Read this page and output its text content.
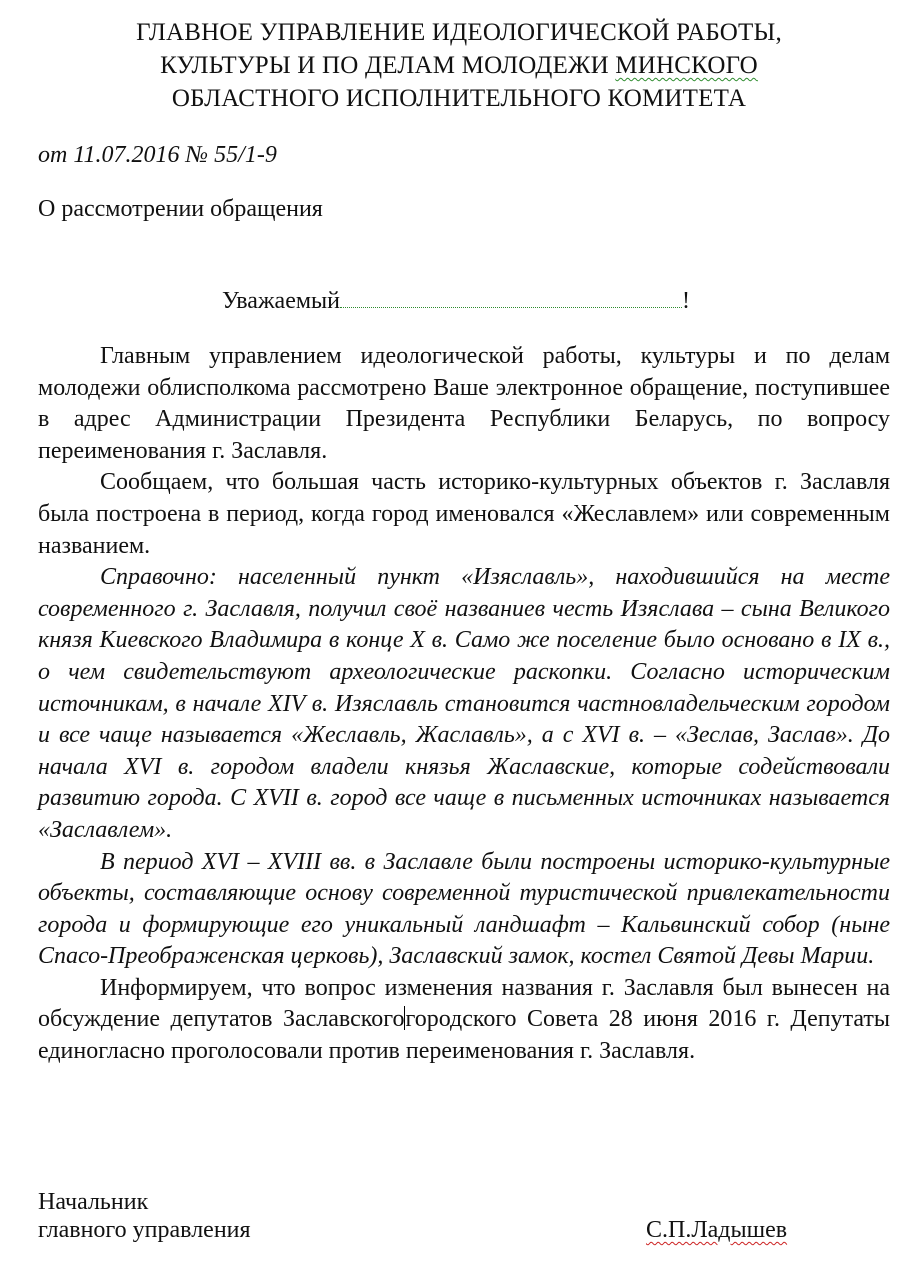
ГЛАВНОЕ УПРАВЛЕНИЕ ИДЕОЛОГИЧЕСКОЙ РАБОТЫ,
КУЛЬТУРЫ И ПО ДЕЛАМ МОЛОДЕЖИ МИНСКОГО
ОБЛАСТНОГО ИСПОЛНИТЕЛЬНОГО КОМИТЕТА
от 11.07.2016 № 55/1-9
О рассмотрении обращения
Уважаемый	!

Главным управлением идеологической работы, культуры и по делам молодежи облисполкома рассмотрено Ваше электронное обращение, поступившее в адрес Администрации Президента Республики Беларусь, по вопросу переименования г. Заславля.

Сообщаем, что большая часть историко-культурных объектов г. Заславля была построена в период, когда город именовался «Жеславлем» или современным названием.

Справочно: населенный пункт «Изяславль», находившийся на месте современного г. Заславля, получил своё названиев честь Изяслава – сына Великого князя Киевского Владимира в конце X в. Само же поселение было основано в IX в., о чем свидетельствуют археологические раскопки. Согласно историческим источникам, в начале XIV в. Изяславль становится частновладельческим городом и все чаще называется «Жеславль, Жаславль», а с XVI в. – «Зеслав, Заслав». До начала XVI в. городом владели князья Жаславские, которые содействовали развитию города. С XVII в. город все чаще в письменных источниках называется «Заславлем».

В период XVI – XVIII вв. в Заславле были построены историко-культурные объекты, составляющие основу современной туристической привлекательности города и формирующие его уникальный ландшафт – Кальвинский собор (ныне Спасо-Преображенская церковь), Заславский замок, костел Святой Девы Марии.

Информируем, что вопрос изменения названия г. Заславля был вынесен на обсуждение депутатов Заславскогогородского Совета 28 июня 2016 г. Депутаты единогласно проголосовали против переименования г. Заславля.

Начальник
главного управления	С.П.Ладышев
